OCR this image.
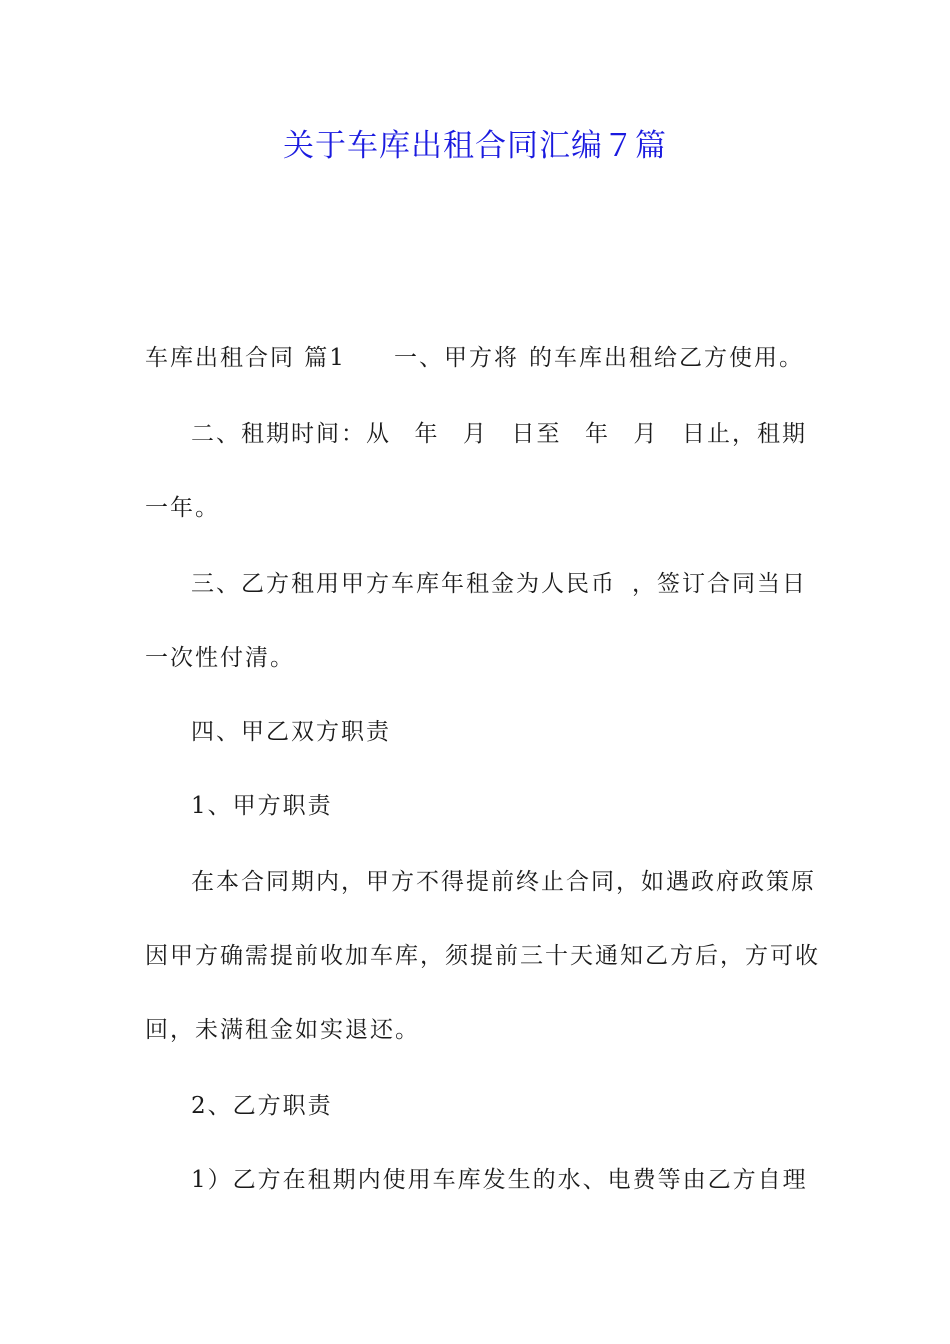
关于车库出租合同汇编７篇
车库出租合同 篇1 一、甲方将 的车库出租给乙方使用。
二、租期时间：从 年 月 日至 年 月 日止，租期
一年。
三、乙方租用甲方车库年租金为人民币 ，签订合同当日
一次性付清。
四、甲乙双方职责
1、甲方职责
在本合同期内，甲方不得提前终止合同，如遇政府政策原
因甲方确需提前收加车库，须提前三十天通知乙方后，方可收
回，未满租金如实退还。
2、乙方职责
1）乙方在租期内使用车库发生的水、电费等由乙方自理
